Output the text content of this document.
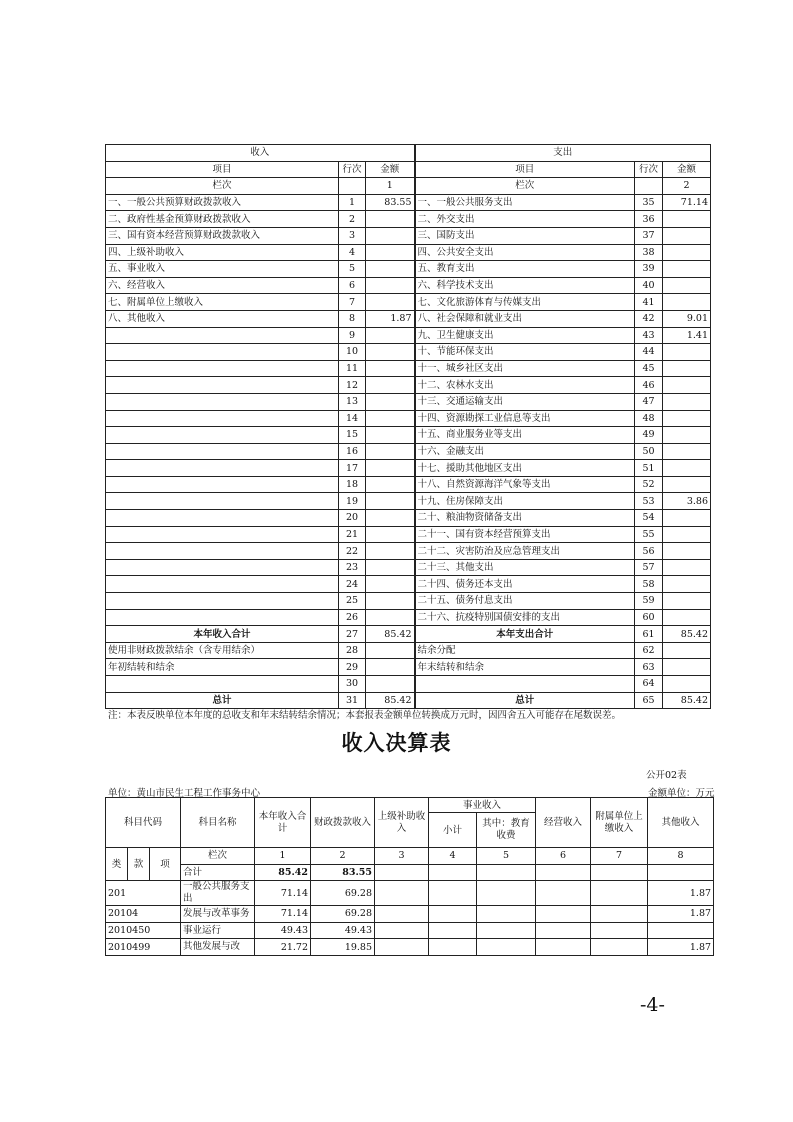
收入			支出		
项目	行次	金额	项目	行次	金额
栏次		1	栏次		2
一、一般公共预算财政拨款收入	1	83.55	一、一般公共服务支出	35	71.14
二、政府性基金预算财政拨款收入	2		二、外交支出	36	
三、国有资本经营预算财政拨款收入	3		三、国防支出	37	
四、上级补助收入	4		四、公共安全支出	38	
五、事业收入	5		五、教育支出	39	
六、经营收入	6		六、科学技术支出	40	
七、附属单位上缴收入	7		七、文化旅游体育与传媒支出	41	
八、其他收入	8	1.87	八、社会保障和就业支出	42	9.01
	9		九、卫生健康支出	43	1.41
	10		十、节能环保支出	44	
	11		十一、城乡社区支出	45	
	12		十二、农林水支出	46	
	13		十三、交通运输支出	47	
	14		十四、资源勘探工业信息等支出	48	
	15		十五、商业服务业等支出	49	
	16		十六、金融支出	50	
	17		十七、援助其他地区支出	51	
	18		十八、自然资源海洋气象等支出	52	
	19		十九、住房保障支出	53	3.86
	20		二十、粮油物资储备支出	54	
	21		二十一、国有资本经营预算支出	55	
	22		二十二、灾害防治及应急管理支出	56	
	23		二十三、其他支出	57	
	24		二十四、债务还本支出	58	
	25		二十五、债务付息支出	59	
	26		二十六、抗疫特别国债安排的支出	60	
本年收入合计	27	85.42	本年支出合计	61	85.42
使用非财政拨款结余（含专用结余）	28		结余分配	62	
年初结转和结余	29		年末结转和结余	63	
	30			64	
总计	31	85.42	总计	65	85.42
注：本表反映单位本年度的总收支和年末结转结余情况；本套报表金额单位转换成万元时，因四舍五入可能存在尾数误差。
收入决算表
公开02表
单位：黄山市民生工程工作事务中心	金额单位：万元
科目代码			科目名称	本年收入合计	财政拨款收入	上级补助收入	事业收入		经营收入	附属单位上缴收入	其他收入	
							小计	其中：教育收费				
类	款	项	栏次	1	2	3	4	5	6	7	8	
			合计	85.42	83.55							
201			一般公共服务支出	71.14	69.28						1.87	
20104			发展与改革事务	71.14	69.28						1.87	
2010450			事业运行	49.43	49.43							
2010499			其他发展与改	21.72	19.85						1.87	
-4-
